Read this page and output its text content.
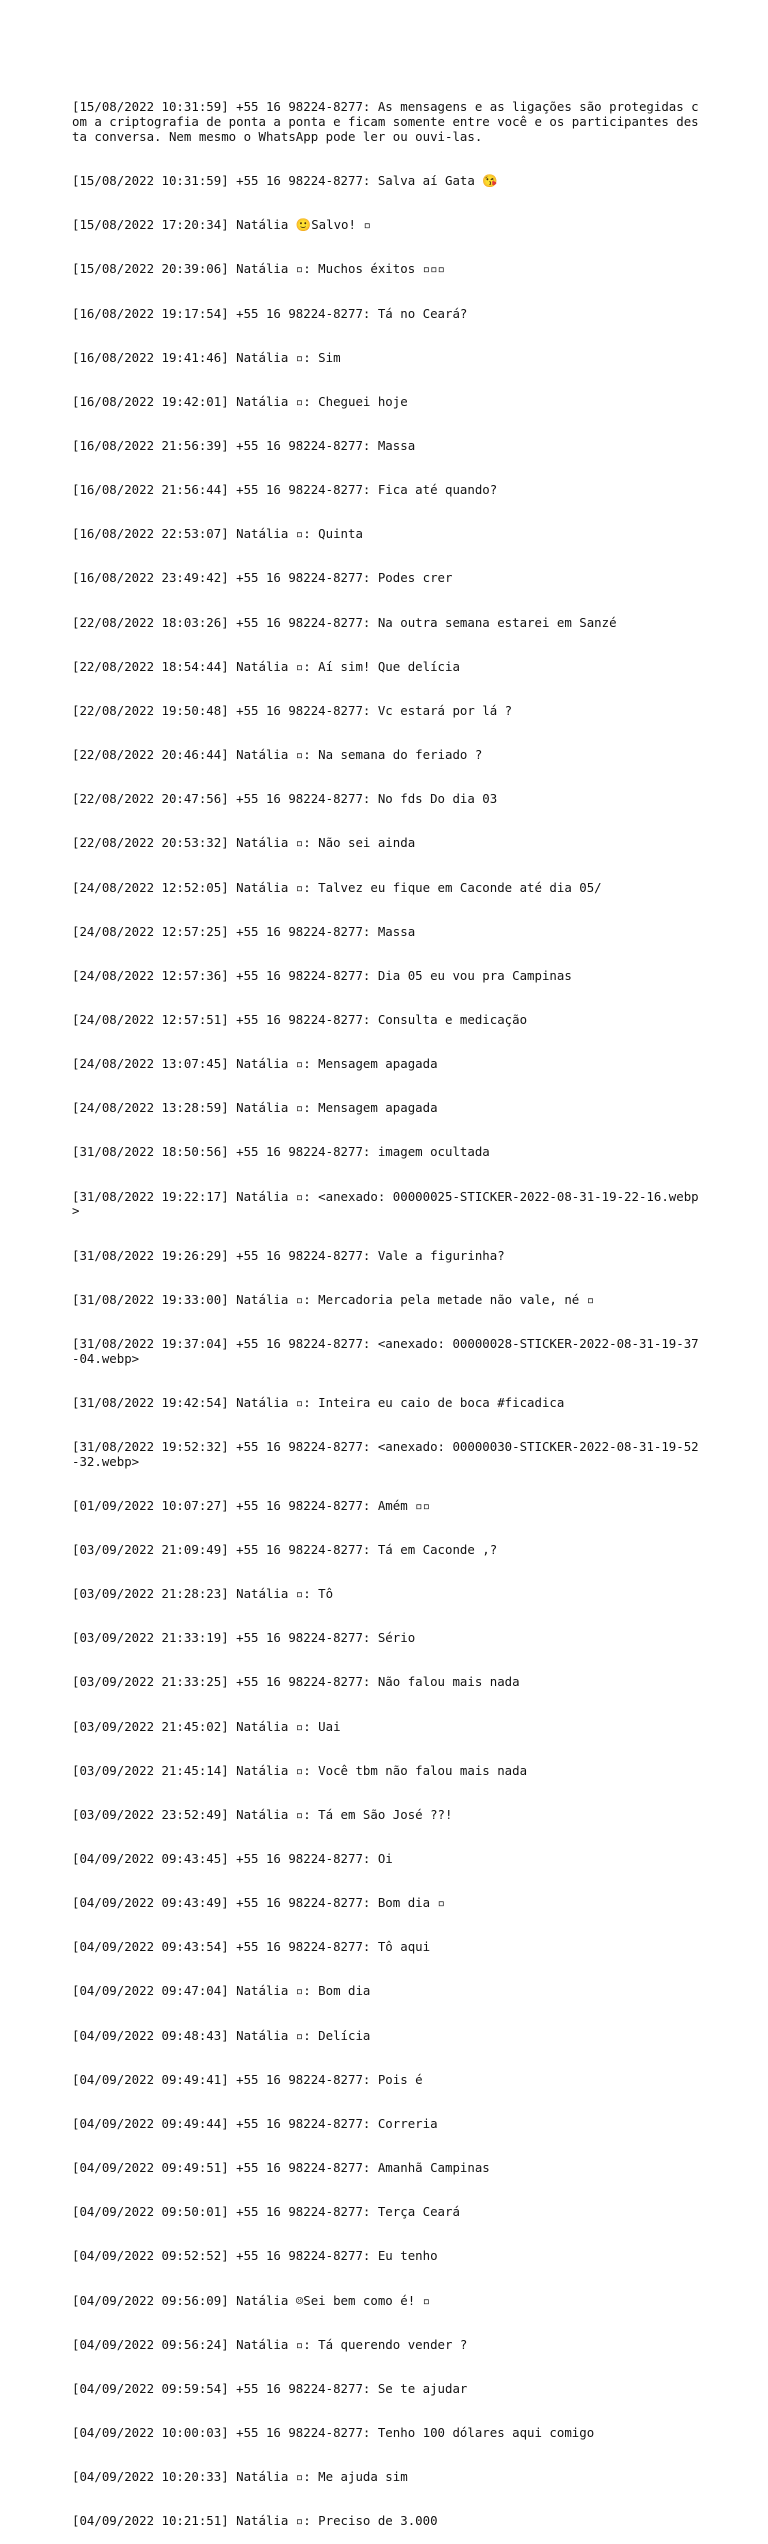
[15/08/2022 10:31:59] +55 16 98224-8277: As mensagens e as ligações são protegidas com a criptografia de ponta a ponta e ficam somente entre você e os participantes desta conversa. Nem mesmo o WhatsApp pode ler ou ouvi-las.

[15/08/2022 10:31:59] +55 16 98224-8277: Salva aí Gata 😘

[15/08/2022 17:20:34] Natália 🙂Salvo! ▫

[15/08/2022 20:39:06] Natália ▫: Muchos éxitos ▫▫▫

[16/08/2022 19:17:54] +55 16 98224-8277: Tá no Ceará?

[16/08/2022 19:41:46] Natália ▫: Sim

[16/08/2022 19:42:01] Natália ▫: Cheguei hoje

[16/08/2022 21:56:39] +55 16 98224-8277: Massa

[16/08/2022 21:56:44] +55 16 98224-8277: Fica até quando?

[16/08/2022 22:53:07] Natália ▫: Quinta

[16/08/2022 23:49:42] +55 16 98224-8277: Podes crer

[22/08/2022 18:03:26] +55 16 98224-8277: Na outra semana estarei em Sanzé

[22/08/2022 18:54:44] Natália ▫: Aí sim! Que delícia

[22/08/2022 19:50:48] +55 16 98224-8277: Vc estará por lá ?

[22/08/2022 20:46:44] Natália ▫: Na semana do feriado ?

[22/08/2022 20:47:56] +55 16 98224-8277: No fds Do dia 03

[22/08/2022 20:53:32] Natália ▫: Não sei ainda

[24/08/2022 12:52:05] Natália ▫: Talvez eu fique em Caconde até dia 05/

[24/08/2022 12:57:25] +55 16 98224-8277: Massa

[24/08/2022 12:57:36] +55 16 98224-8277: Dia 05 eu vou pra Campinas

[24/08/2022 12:57:51] +55 16 98224-8277: Consulta e medicação

[24/08/2022 13:07:45] Natália ▫: Mensagem apagada

[24/08/2022 13:28:59] Natália ▫: Mensagem apagada

[31/08/2022 18:50:56] +55 16 98224-8277: imagem ocultada

[31/08/2022 19:22:17] Natália ▫: <anexado: 00000025-STICKER-2022-08-31-19-22-16.webp>

[31/08/2022 19:26:29] +55 16 98224-8277: Vale a figurinha?

[31/08/2022 19:33:00] Natália ▫: Mercadoria pela metade não vale, né ▫

[31/08/2022 19:37:04] +55 16 98224-8277: <anexado: 00000028-STICKER-2022-08-31-19-37-04.webp>

[31/08/2022 19:42:54] Natália ▫: Inteira eu caio de boca #ficadica

[31/08/2022 19:52:32] +55 16 98224-8277: <anexado: 00000030-STICKER-2022-08-31-19-52-32.webp>

[01/09/2022 10:07:27] +55 16 98224-8277: Amém ▫▫

[03/09/2022 21:09:49] +55 16 98224-8277: Tá em Caconde ,?

[03/09/2022 21:28:23] Natália ▫: Tô

[03/09/2022 21:33:19] +55 16 98224-8277: Sério

[03/09/2022 21:33:25] +55 16 98224-8277: Não falou mais nada

[03/09/2022 21:45:02] Natália ▫: Uai

[03/09/2022 21:45:14] Natália ▫: Você tbm não falou mais nada

[03/09/2022 23:52:49] Natália ▫: Tá em São José ??!

[04/09/2022 09:43:45] +55 16 98224-8277: Oi

[04/09/2022 09:43:49] +55 16 98224-8277: Bom dia ▫

[04/09/2022 09:43:54] +55 16 98224-8277: Tô aqui

[04/09/2022 09:47:04] Natália ▫: Bom dia

[04/09/2022 09:48:43] Natália ▫: Delícia

[04/09/2022 09:49:41] +55 16 98224-8277: Pois é

[04/09/2022 09:49:44] +55 16 98224-8277: Correria

[04/09/2022 09:49:51] +55 16 98224-8277: Amanhã Campinas

[04/09/2022 09:50:01] +55 16 98224-8277: Terça Ceará

[04/09/2022 09:52:52] +55 16 98224-8277: Eu tenho

[04/09/2022 09:56:09] Natália ☹Sei bem como é! ▫

[04/09/2022 09:56:24] Natália ▫: Tá querendo vender ?

[04/09/2022 09:59:54] +55 16 98224-8277: Se te ajudar

[04/09/2022 10:00:03] +55 16 98224-8277: Tenho 100 dólares aqui comigo

[04/09/2022 10:20:33] Natália ▫: Me ajuda sim

[04/09/2022 10:21:51] Natália ▫: Preciso de 3.000
